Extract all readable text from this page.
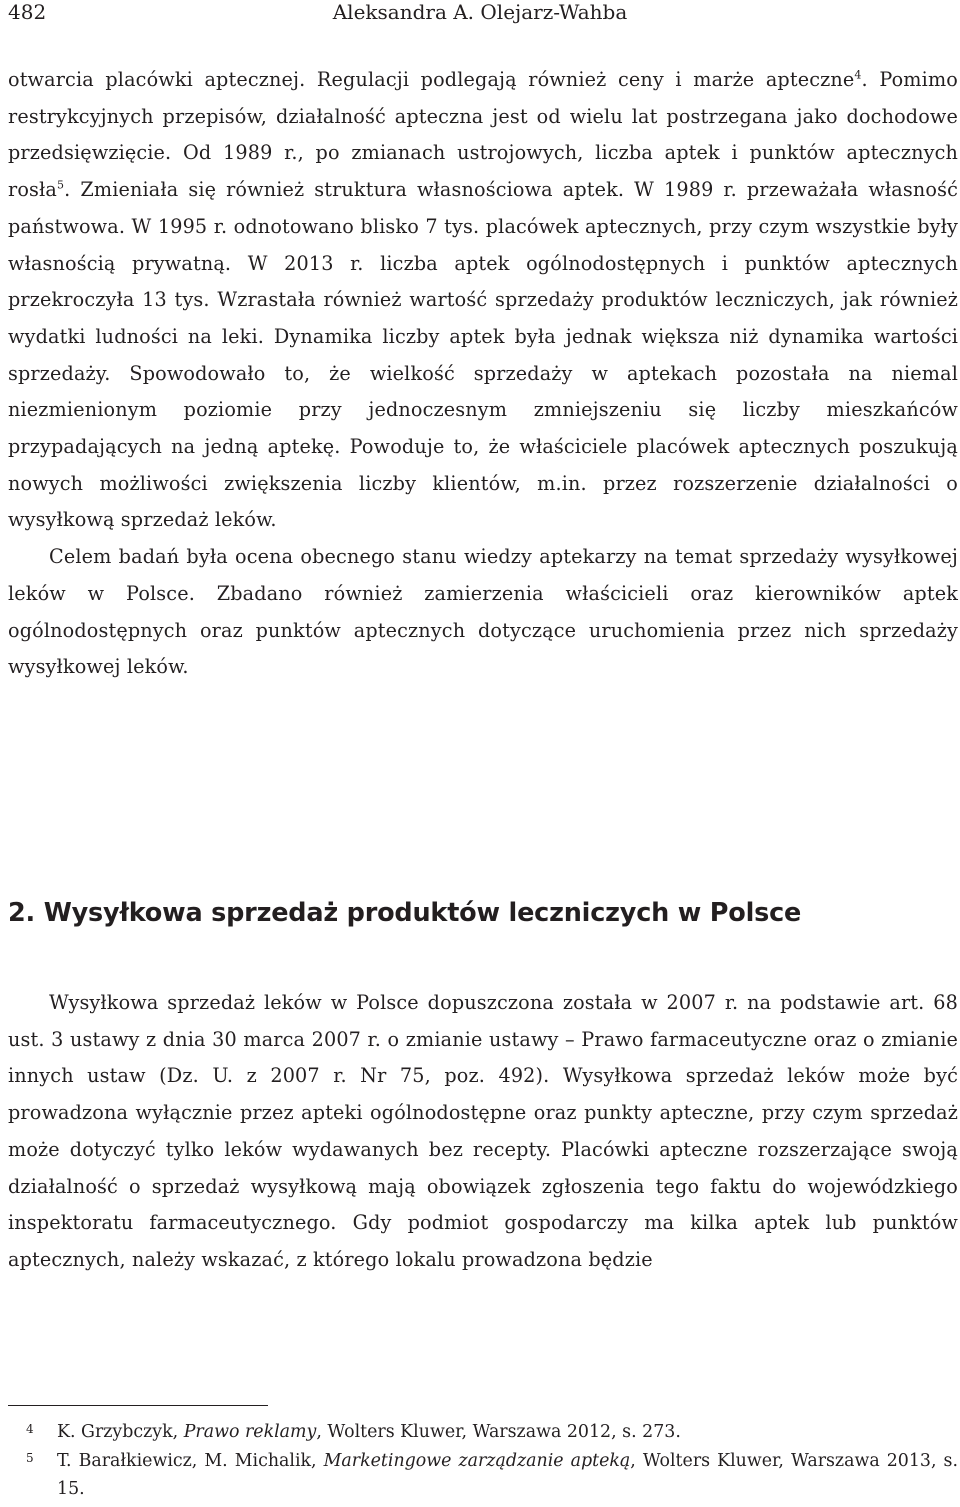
482	Aleksandra A. Olejarz-Wahba

otwarcia placówki aptecznej. Regulacji podlegają również ceny i marże apteczne$^4$. Pomimo restrykcyjnych przepisów, działalność apteczna jest od wielu lat postrzegana jako dochodowe przedsięwzięcie. Od 1989 r., po zmianach ustrojowych, liczba aptek i punktów aptecznych rosła$^5$. Zmieniała się również struktura własnościowa aptek. W 1989 r. przeważała własność państwowa. W 1995 r. odnotowano blisko 7 tys. placówek aptecznych, przy czym wszystkie były własnością prywatną. W 2013 r. liczba aptek ogólnodostępnych i punktów aptecznych przekroczyła 13 tys. Wzrastała również wartość sprzedaży produktów leczniczych, jak również wydatki ludności na leki. Dynamika liczby aptek była jednak większa niż dynamika wartości sprzedaży. Spowodowało to, że wielkość sprzedaży w aptekach pozostała na niemal niezmienionym poziomie przy jednoczesnym zmniejszeniu się liczby mieszkańców przypadających na jedną aptekę. Powoduje to, że właściciele placówek aptecznych poszukują nowych możliwości zwiększenia liczby klientów, m.in. przez rozszerzenie działalności o wysyłkową sprzedaż leków.

Celem badań była ocena obecnego stanu wiedzy aptekarzy na temat sprzedaży wysyłkowej leków w Polsce. Zbadano również zamierzenia właścicieli oraz kierowników aptek ogólnodostępnych oraz punktów aptecznych dotyczące uruchomienia przez nich sprzedaży wysyłkowej leków.

2. Wysyłkowa sprzedaż produktów leczniczych w Polsce

Wysyłkowa sprzedaż leków w Polsce dopuszczona została w 2007 r. na podstawie art. 68 ust. 3 ustawy z dnia 30 marca 2007 r. o zmianie ustawy – Prawo farmaceutyczne oraz o zmianie innych ustaw (Dz. U. z 2007 r. Nr 75, poz. 492). Wysyłkowa sprzedaż leków może być prowadzona wyłącznie przez apteki ogólnodostępne oraz punkty apteczne, przy czym sprzedaż może dotyczyć tylko leków wydawanych bez recepty. Placówki apteczne rozszerzające swoją działalność o sprzedaż wysyłkową mają obowiązek zgłoszenia tego faktu do wojewódzkiego inspektoratu farmaceutycznego. Gdy podmiot gospodarczy ma kilka aptek lub punktów aptecznych, należy wskazać, z którego lokalu prowadzona będzie

4 K. Grzybczyk, Prawo reklamy, Wolters Kluwer, Warszawa 2012, s. 273.
5 T. Barałkiewicz, M. Michalik, Marketingowe zarządzanie apteką, Wolters Kluwer, Warszawa 2013, s. 15.
